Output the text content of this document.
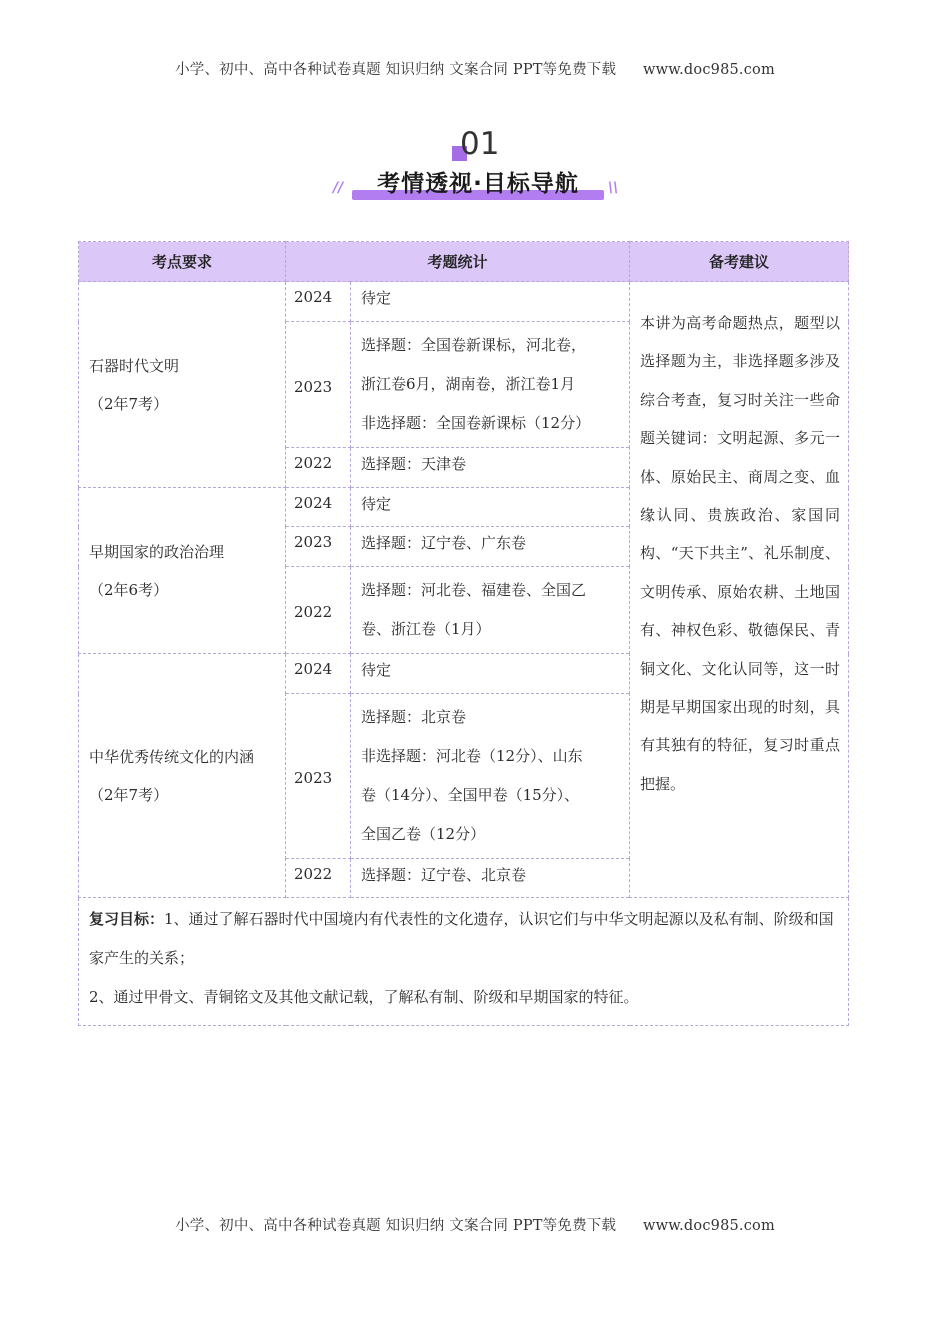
小学、初中、高中各种试卷真题 知识归纳 文案合同 PPT等免费下载 www.doc985.com
01
考情透视·目标导航
//	\\
考点要求	考题统计		备考建议

石器时代文明
（2年7考）	2024	待定	本讲为高考命题热点，题型以选择题为主，非选择题多涉及综合考查，复习时关注一些命题关键词：文明起源、多元一体、原始民主、商周之变、血缘认同、贵族政治、家国同构、“天下共主”、礼乐制度、文明传承、原始农耕、土地国有、神权色彩、敬德保民、青铜文化、文化认同等，这一时期是早期国家出现的时刻，具有其独有的特征，复习时重点把握。
	2023	选择题：全国卷新课标，河北卷，
浙江卷6月，湖南卷，浙江卷1月
非选择题：全国卷新课标（12分）	

	2022	选择题：天津卷	

早期国家的政治治理
（2年6考）	2024	待定	

	2023	选择题：辽宁卷、广东卷	

	2022	选择题：河北卷、福建卷、全国乙
卷、浙江卷（1月）	

中华优秀传统文化的内涵
（2年7考）	2024	待定	

	2023	选择题：北京卷
非选择题：河北卷（12分）、山东
卷（14分）、全国甲卷（15分）、
全国乙卷（12分）	

	2022	选择题：辽宁卷、北京卷	

复习目标：1、通过了解石器时代中国境内有代表性的文化遗存，认识它们与中华文明起源以及私有制、阶级和国家产生的关系；
2、通过甲骨文、青铜铭文及其他文献记载，了解私有制、阶级和早期国家的特征。			
小学、初中、高中各种试卷真题 知识归纳 文案合同 PPT等免费下载 www.doc985.com
